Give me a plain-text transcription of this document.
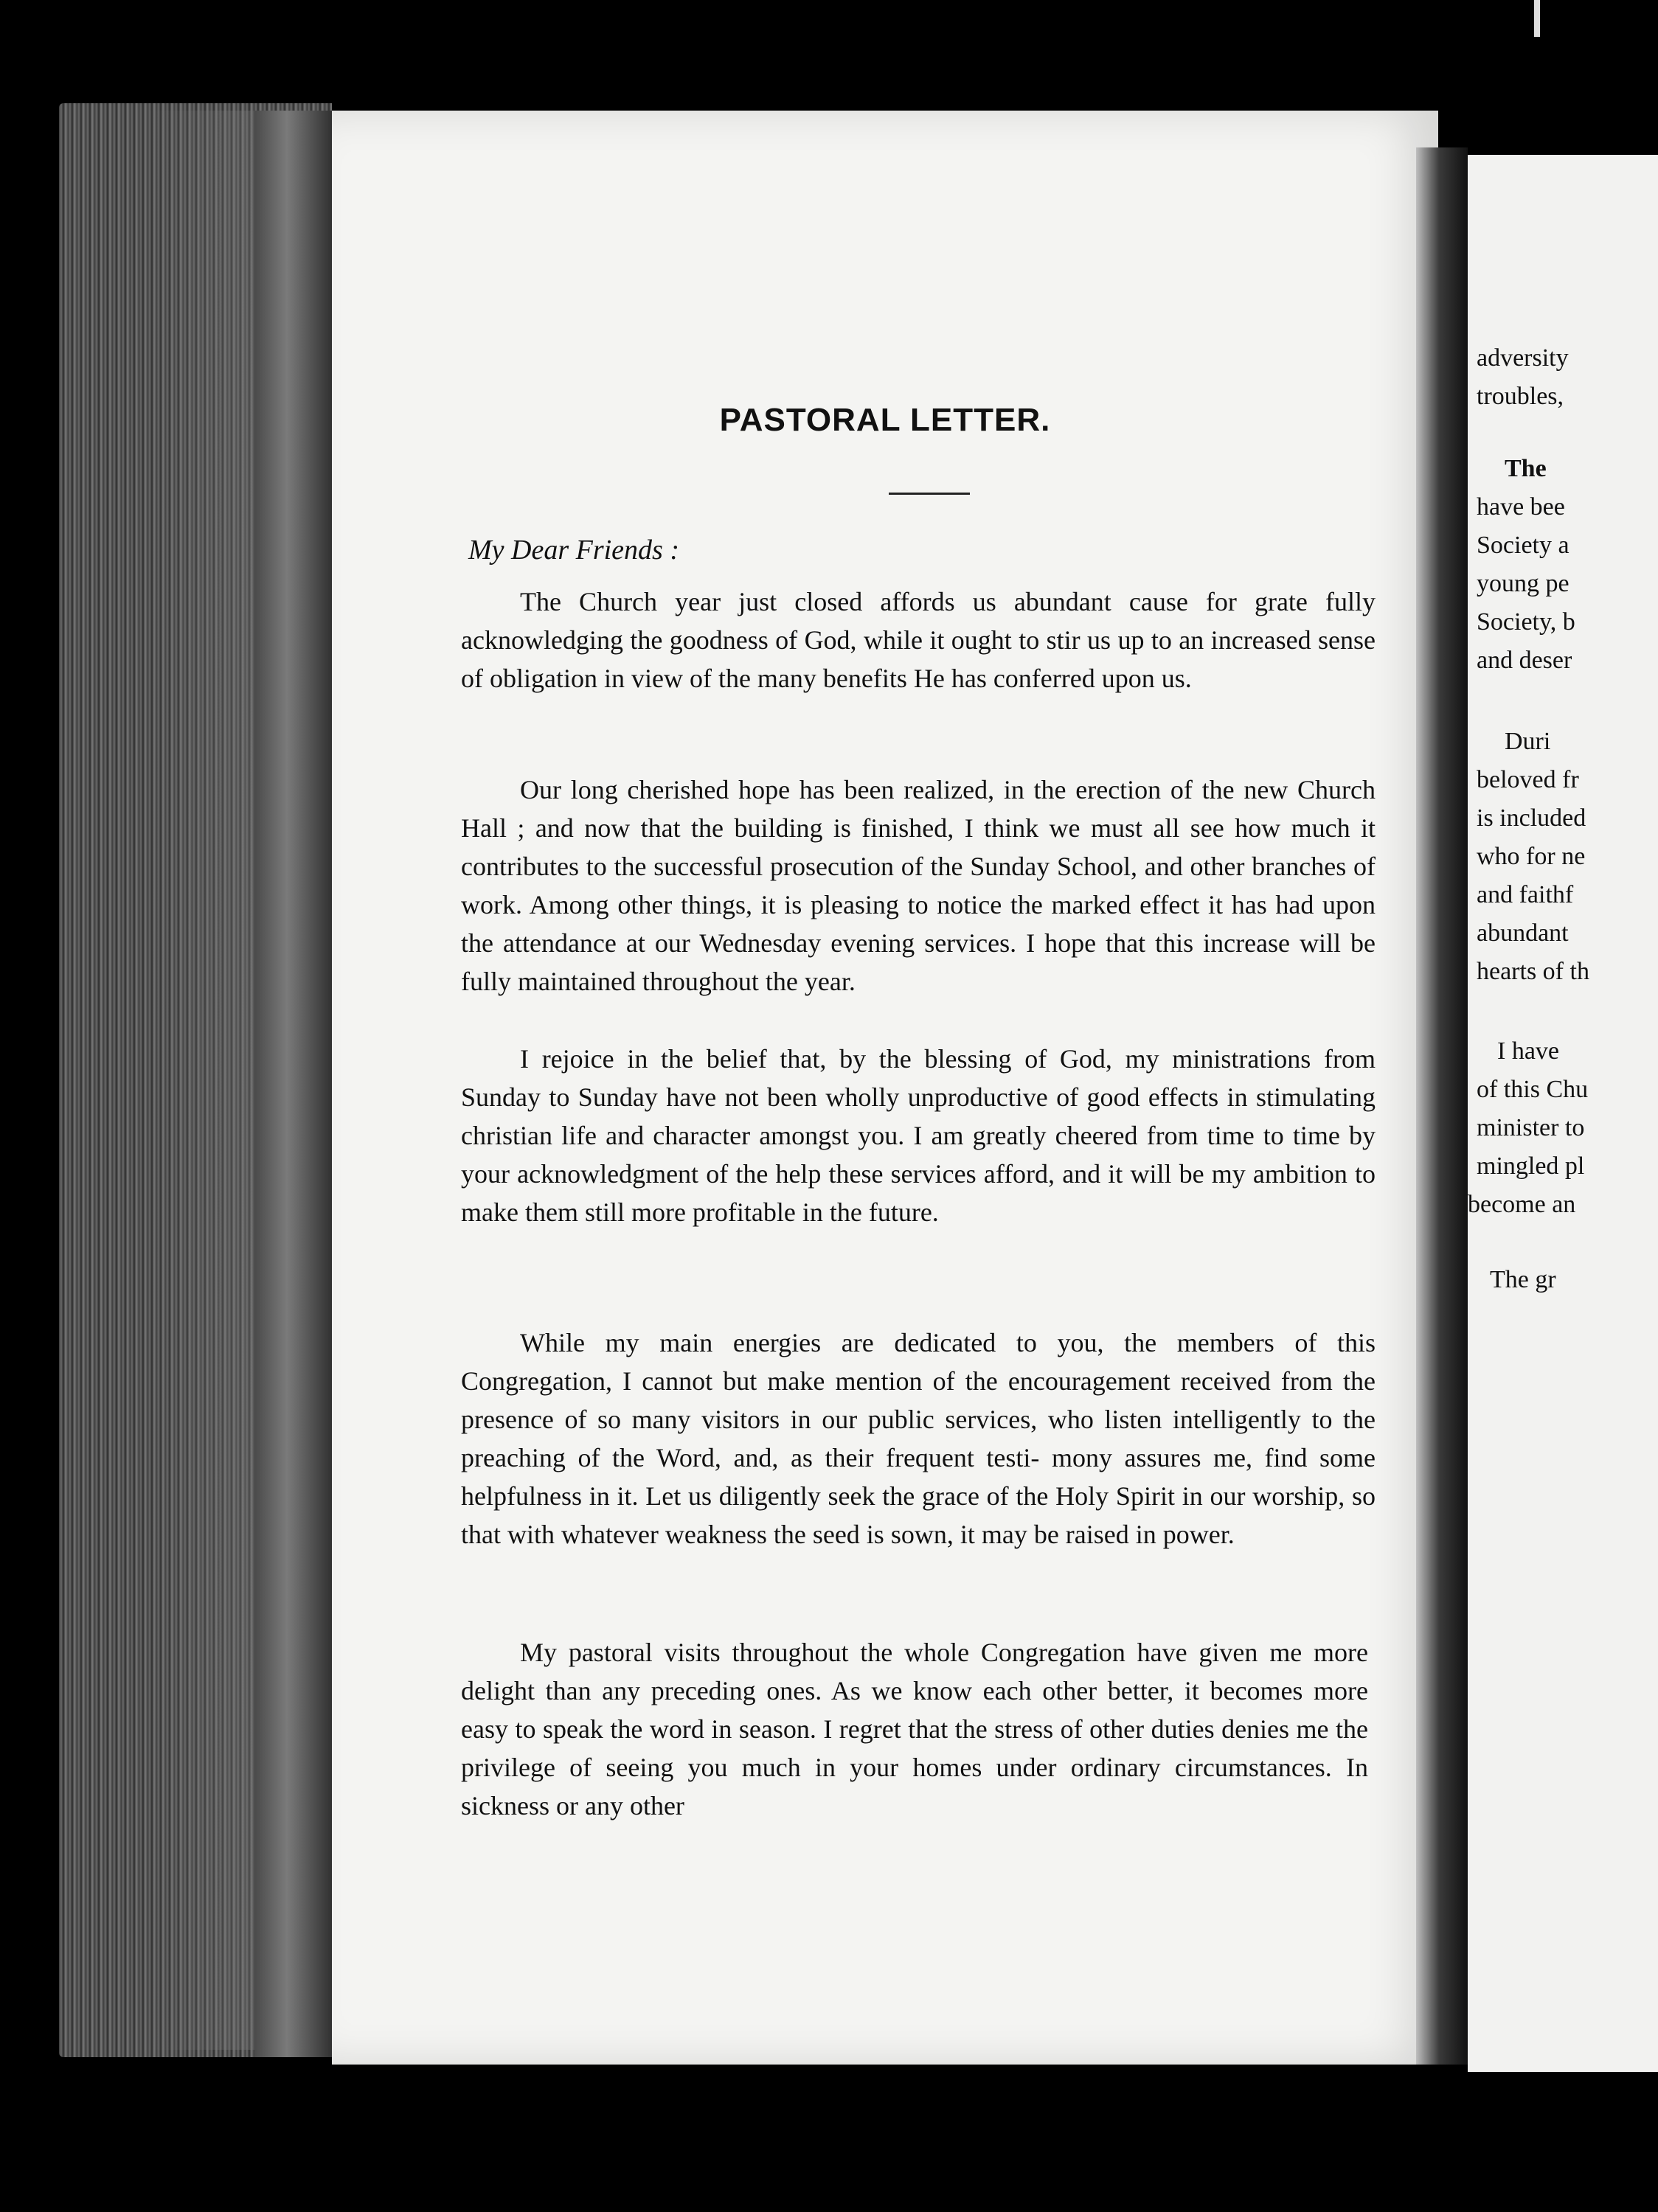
PASTORAL LETTER.
My Dear Friends :
The Church year just closed affords us abundant cause for grate fully acknowledging the goodness of God, while it ought to stir us up to an increased sense of obligation in view of the many benefits He has conferred upon us.
Our long cherished hope has been realized, in the erection of the new Church Hall ; and now that the building is finished, I think we must all see how much it contributes to the successful prosecution of the Sunday School, and other branches of work. Among other things, it is pleasing to notice the marked effect it has had upon the attendance at our Wednesday evening services. I hope that this increase will be fully maintained throughout the year.
I rejoice in the belief that, by the blessing of God, my ministrations from Sunday to Sunday have not been wholly unproductive of good effects in stimulating christian life and character amongst you. I am greatly cheered from time to time by your acknowledgment of the help these services afford, and it will be my ambition to make them still more profitable in the future.
While my main energies are dedicated to you, the members of this Congregation, I cannot but make mention of the encouragement received from the presence of so many visitors in our public services, who listen intelligently to the preaching of the Word, and, as their frequent testi- mony assures me, find some helpfulness in it. Let us diligently seek the grace of the Holy Spirit in our worship, so that with whatever weakness the seed is sown, it may be raised in power.
My pastoral visits throughout the whole Congregation have given me more delight than any preceding ones. As we know each other better, it becomes more easy to speak the word in season. I regret that the stress of other duties denies me the privilege of seeing you much in your homes under ordinary circumstances. In sickness or any other
adversity
troubles,
The
have bee
Society a
young pe
Society, b
and deser
Duri
beloved fr
is included
who for ne
and faithf
abundant
hearts of th
I have
of this Chu
minister to
mingled pl
become an
The gr
